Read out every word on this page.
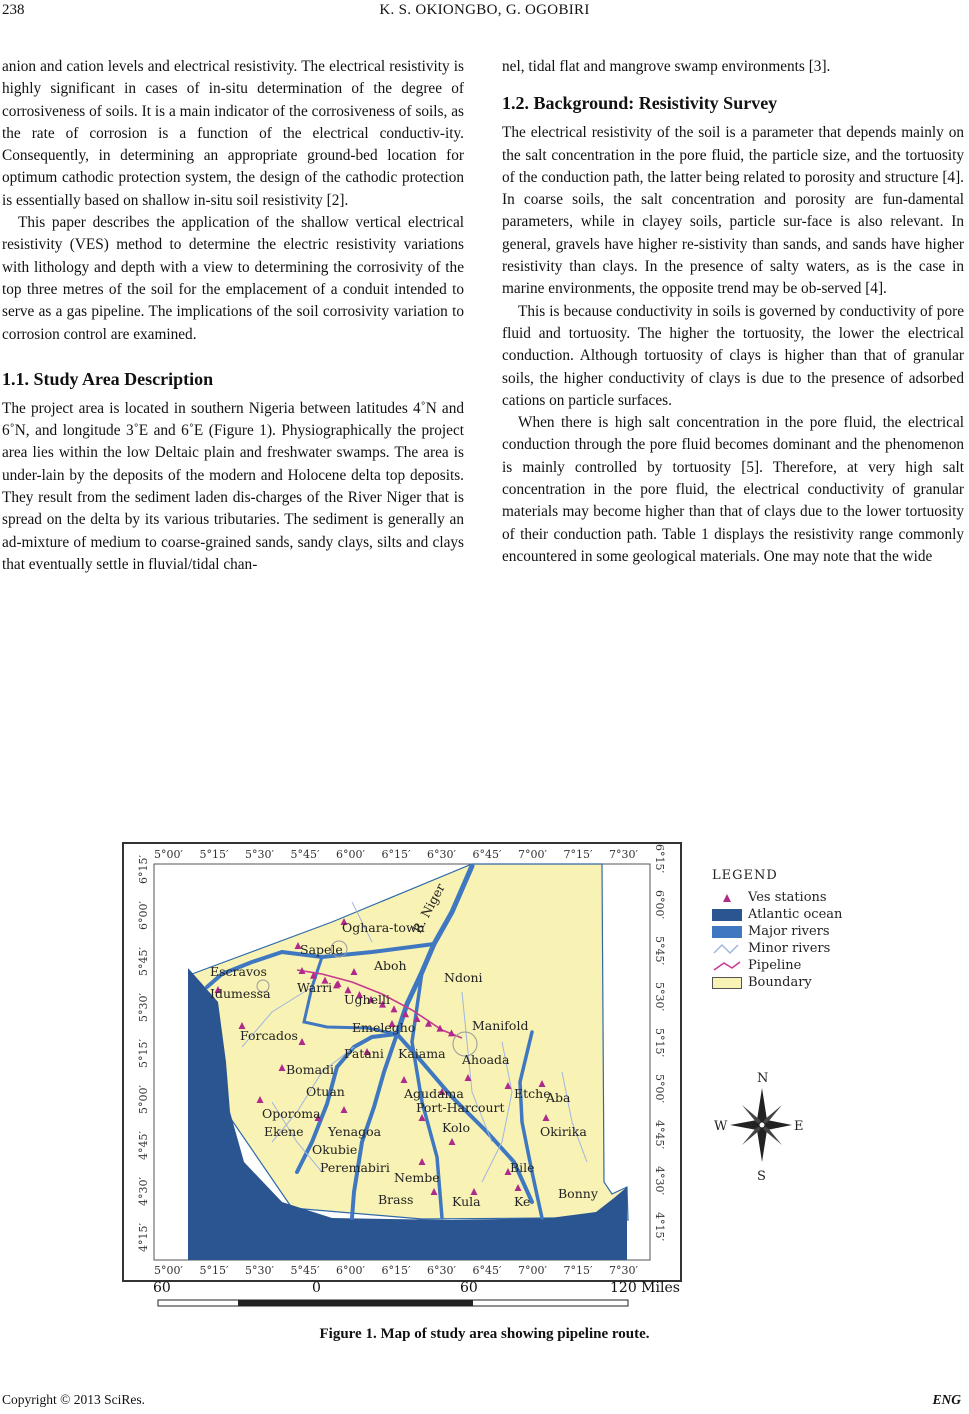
238	K. S. OKIONGBO, G. OGOBIRI

anion and cation levels and electrical resistivity. The electrical resistivity is highly significant in cases of in-situ determination of the degree of corrosiveness of soils. It is a main indicator of the corrosiveness of soils, as the rate of corrosion is a function of the electrical conductiv-ity. Consequently, in determining an appropriate ground-bed location for optimum cathodic protection system, the design of the cathodic protection is essentially based on shallow in-situ soil resistivity [2].

This paper describes the application of the shallow vertical electrical resistivity (VES) method to determine the electric resistivity variations with lithology and depth with a view to determining the corrosivity of the top three metres of the soil for the emplacement of a conduit intended to serve as a gas pipeline. The implications of the soil corrosivity variation to corrosion control are examined.

1.1. Study Area Description

The project area is located in southern Nigeria between latitudes 4˚N and 6˚N, and longitude 3˚E and 6˚E (Figure 1). Physiographically the project area lies within the low Deltaic plain and freshwater swamps. The area is under-lain by the deposits of the modern and Holocene delta top deposits. They result from the sediment laden dis-charges of the River Niger that is spread on the delta by its various tributaries. The sediment is generally an ad-mixture of medium to coarse-grained sands, sandy clays, silts and clays that eventually settle in fluvial/tidal chan-

nel, tidal flat and mangrove swamp environments [3].

1.2. Background: Resistivity Survey

The electrical resistivity of the soil is a parameter that depends mainly on the salt concentration in the pore fluid, the particle size, and the tortuosity of the conduction path, the latter being related to porosity and structure [4]. In coarse soils, the salt concentration and porosity are fun-damental parameters, while in clayey soils, particle sur-face is also relevant. In general, gravels have higher re-sistivity than sands, and sands have higher resistivity than clays. In the presence of salty waters, as is the case in marine environments, the opposite trend may be ob-served [4].

This is because conductivity in soils is governed by conductivity of pore fluid and tortuosity. The higher the tortuosity, the lower the electrical conduction. Although tortuosity of clays is higher than that of granular soils, the higher conductivity of clays is due to the presence of adsorbed cations on particle surfaces.

When there is high salt concentration in the pore fluid, the electrical conduction through the pore fluid becomes dominant and the phenomenon is mainly controlled by tortuosity [5]. Therefore, at very high salt concentration in the pore fluid, the electrical conductivity of granular materials may become higher than that of clays due to the lower tortuosity of their conduction path. Table 1 displays the resistivity range commonly encountered in some geological materials. One may note that the wide

5°00′ 5°15′ 5°30′ 5°45′ 6°00′ 6°15′ 6°30′ 6°45′ 7°00′ 7°15′ 7°30′
5°00′ 5°15′ 5°30′ 5°45′ 6°00′ 6°15′ 6°30′ 6°45′ 7°00′ 7°15′ 7°30′
4°15′
4°30′
4°45′
5°00′
5°15′
5°30′
5°45′
6°00′
6°15′
4°15′
4°30′
4°45′
5°00′
5°15′
5°30′
5°45′
6°00′
6°15′
Oghara-town
Sapele
Escravos
Idumessa Warri
Aboh
Ndoni
Ughelli
Forcados
Emelegho	Manifold
Patani Kaiama Ahoada
Bomadi
Etche
Aba
Otuan	Agudama
Port-Harcourt
Oporoma
Ekene Yenagoa	Kolo	Okirika
Okubie
Peremabiri	Bile
Nembe
Brass	Kula	Ke
Bonny
R. Niger
LEGEND
Ves stations
Atlantic ocean
Major rivers
Minor rivers
Pipeline
Boundary
N
S
W	E
60	0	60	120 Miles
Figure 1. Map of study area showing pipeline route.
Copyright © 2013 SciRes.	ENG
